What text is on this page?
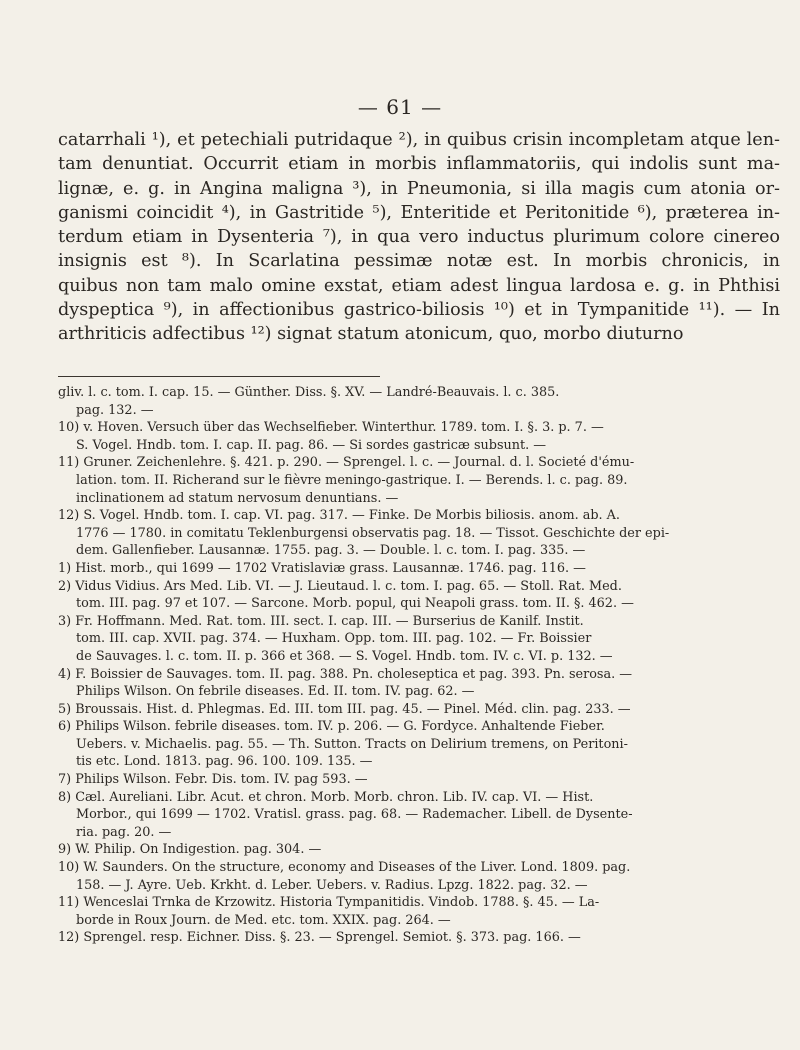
— 61 —
catarrhali ¹), et petechiali putridaque ²), in quibus crisin incompletam atque len-
tam denuntiat. Occurrit etiam in morbis inflammatoriis, qui indolis sunt ma-
lignæ, e. g. in Angina maligna ³), in Pneumonia, si illa magis cum atonia or-
ganismi coincidit ⁴), in Gastritide ⁵), Enteritide et Peritonitide ⁶), præterea in-
terdum etiam in Dysenteria ⁷), in qua vero inductus plurimum colore cinereo
insignis est ⁸). In Scarlatina pessimæ notæ est. In morbis chronicis, in
quibus non tam malo omine exstat, etiam adest lingua lardosa e. g. in Phthisi
dyspeptica ⁹), in affectionibus gastrico-biliosis ¹⁰) et in Tympanitide ¹¹). — In
arthriticis adfectibus ¹²) signat statum atonicum, quo, morbo diuturno
gliv. l. c. tom. I. cap. 15. — Günther. Diss. §. XV. — Landré-Beauvais. l. c. 385.
pag. 132. —
10) v. Hoven. Versuch über das Wechselfieber. Winterthur. 1789. tom. I. §. 3. p. 7. —
S. Vogel. Hndb. tom. I. cap. II. pag. 86. — Si sordes gastricæ subsunt. —
11) Gruner. Zeichenlehre. §. 421. p. 290. — Sprengel. l. c. — Journal. d. l. Societé d'ému-
lation. tom. II. Richerand sur le fièvre meningo-gastrique. I. — Berends. l. c. pag. 89.
inclinationem ad statum nervosum denuntians. —
12) S. Vogel. Hndb. tom. I. cap. VI. pag. 317. — Finke. De Morbis biliosis. anom. ab. A.
1776 — 1780. in comitatu Teklenburgensi observatis pag. 18. — Tissot. Geschichte der epi-
dem. Gallenfieber. Lausannæ. 1755. pag. 3. — Double. l. c. tom. I. pag. 335. —
1) Hist. morb., qui 1699 — 1702 Vratislaviæ grass. Lausannæ. 1746. pag. 116. —
2) Vidus Vidius. Ars Med. Lib. VI. — J. Lieutaud. l. c. tom. I. pag. 65. — Stoll. Rat. Med.
tom. III. pag. 97 et 107. — Sarcone. Morb. popul, qui Neapoli grass. tom. II. §. 462. —
3) Fr. Hoffmann. Med. Rat. tom. III. sect. I. cap. III. — Burserius de Kanilf. Instit.
tom. III. cap. XVII. pag. 374. — Huxham. Opp. tom. III. pag. 102. — Fr. Boissier
de Sauvages. l. c. tom. II. p. 366 et 368. — S. Vogel. Hndb. tom. IV. c. VI. p. 132. —
4) F. Boissier de Sauvages. tom. II. pag. 388. Pn. choleseptica et pag. 393. Pn. serosa. —
Philips Wilson. On febrile diseases. Ed. II. tom. IV. pag. 62. —
5) Broussais. Hist. d. Phlegmas. Ed. III. tom III. pag. 45. — Pinel. Méd. clin. pag. 233. —
6) Philips Wilson. febrile diseases. tom. IV. p. 206. — G. Fordyce. Anhaltende Fieber.
Uebers. v. Michaelis. pag. 55. — Th. Sutton. Tracts on Delirium tremens, on Peritoni-
tis etc. Lond. 1813. pag. 96. 100. 109. 135. —
7) Philips Wilson. Febr. Dis. tom. IV. pag 593. —
8) Cæl. Aureliani. Libr. Acut. et chron. Morb. Morb. chron. Lib. IV. cap. VI. — Hist.
Morbor., qui 1699 — 1702. Vratisl. grass. pag. 68. — Rademacher. Libell. de Dysente-
ria. pag. 20. —
9) W. Philip. On Indigestion. pag. 304. —
10) W. Saunders. On the structure, economy and Diseases of the Liver. Lond. 1809. pag.
158. — J. Ayre. Ueb. Krkht. d. Leber. Uebers. v. Radius. Lpzg. 1822. pag. 32. —
11) Wenceslai Trnka de Krzowitz. Historia Tympanitidis. Vindob. 1788. §. 45. — La-
borde in Roux Journ. de Med. etc. tom. XXIX. pag. 264. —
12) Sprengel. resp. Eichner. Diss. §. 23. — Sprengel. Semiot. §. 373. pag. 166. —
